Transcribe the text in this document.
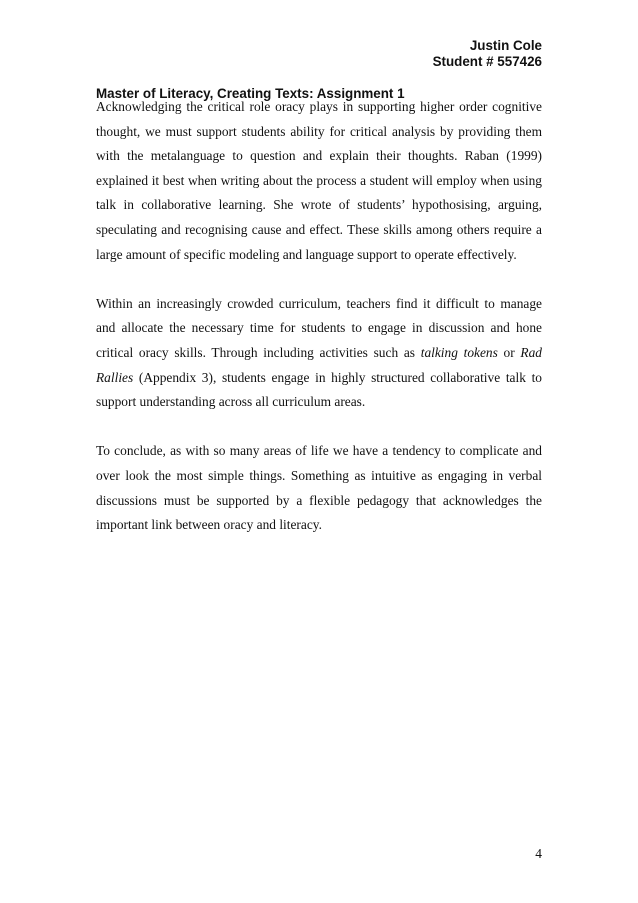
Justin Cole
Student # 557426
Master of Literacy, Creating Texts: Assignment 1

Acknowledging the critical role oracy plays in supporting higher order cognitive thought, we must support students ability for critical analysis by providing them with the metalanguage to question and explain their thoughts. Raban (1999) explained it best when writing about the process a student will employ when using talk in collaborative learning. She wrote of students’ hypothosising, arguing, speculating and recognising cause and effect. These skills among others require a large amount of specific modeling and language support to operate effectively.

Within an increasingly crowded curriculum, teachers find it difficult to manage and allocate the necessary time for students to engage in discussion and hone critical oracy skills. Through including activities such as talking tokens or Rad Rallies (Appendix 3), students engage in highly structured collaborative talk to support understanding across all curriculum areas.

To conclude, as with so many areas of life we have a tendency to complicate and over look the most simple things. Something as intuitive as engaging in verbal discussions must be supported by a flexible pedagogy that acknowledges the important link between oracy and literacy.

4
